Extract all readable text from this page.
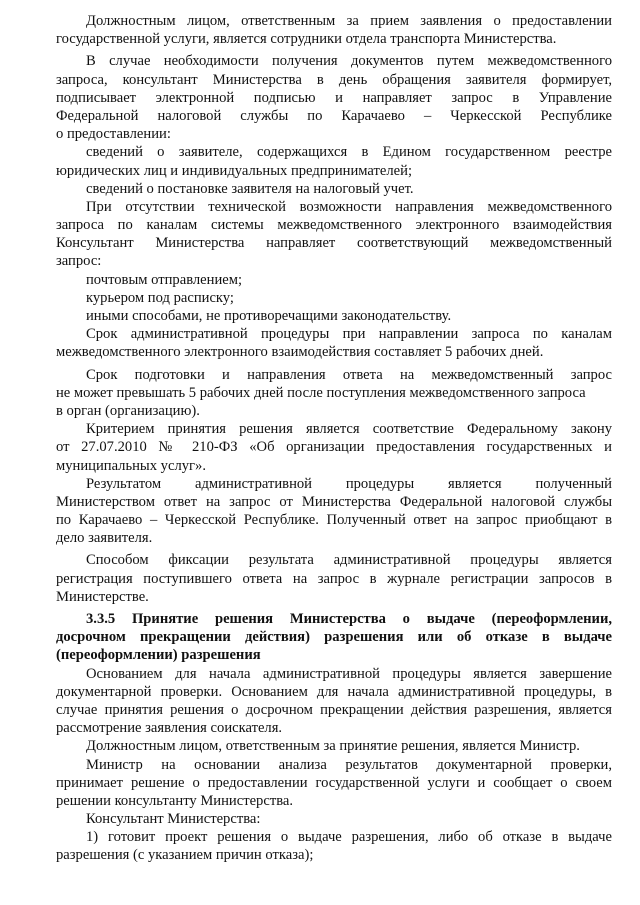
Должностным лицом, ответственным за прием заявления о предоставлении
государственной услуги, является сотрудники отдела транспорта Министерства.
В случае необходимости получения документов путем межведомственного
запроса, консультант Министерства в день обращения заявителя формирует,
подписывает электронной подписью и направляет запрос в Управление
Федеральной налоговой службы по Карачаево – Черкесской Республике
о предоставлении:
сведений о заявителе, содержащихся в Едином государственном реестре
юридических лиц и индивидуальных предпринимателей;
сведений о постановке заявителя на налоговый учет.
При отсутствии технической возможности направления межведомственного
запроса по каналам системы межведомственного электронного взаимодействия
Консультант Министерства направляет соответствующий межведомственный
запрос:
почтовым отправлением;
курьером под расписку;
иными способами, не противоречащими законодательству.
Срок административной процедуры при направлении запроса по каналам
межведомственного электронного взаимодействия составляет 5 рабочих дней.
Срок подготовки и направления ответа на межведомственный запрос
не может превышать 5 рабочих дней после поступления межведомственного запроса
в орган (организацию).
Критерием принятия решения является соответствие Федеральному закону
от 27.07.2010 № 210-ФЗ «Об организации предоставления государственных и
муниципальных услуг».
Результатом административной процедуры является полученный
Министерством ответ на запрос от Министерства Федеральной налоговой службы
по Карачаево – Черкесской Республике. Полученный ответ на запрос приобщают в
дело заявителя.
Способом фиксации результата административной процедуры является
регистрация поступившего ответа на запрос в журнале регистрации запросов в
Министерстве.
3.3.5 Принятие решения Министерства о выдаче (переоформлении,
досрочном прекращении действия) разрешения или об отказе в выдаче
(переоформлении) разрешения
Основанием для начала административной процедуры является завершение
документарной проверки. Основанием для начала административной процедуры, в
случае принятия решения о досрочном прекращении действия разрешения, является
рассмотрение заявления соискателя.
Должностным лицом, ответственным за принятие решения, является Министр.
Министр на основании анализа результатов документарной проверки,
принимает решение о предоставлении государственной услуги и сообщает о своем
решении консультанту Министерства.
Консультант Министерства:
1) готовит проект решения о выдаче разрешения, либо об отказе в выдаче
разрешения (с указанием причин отказа);
